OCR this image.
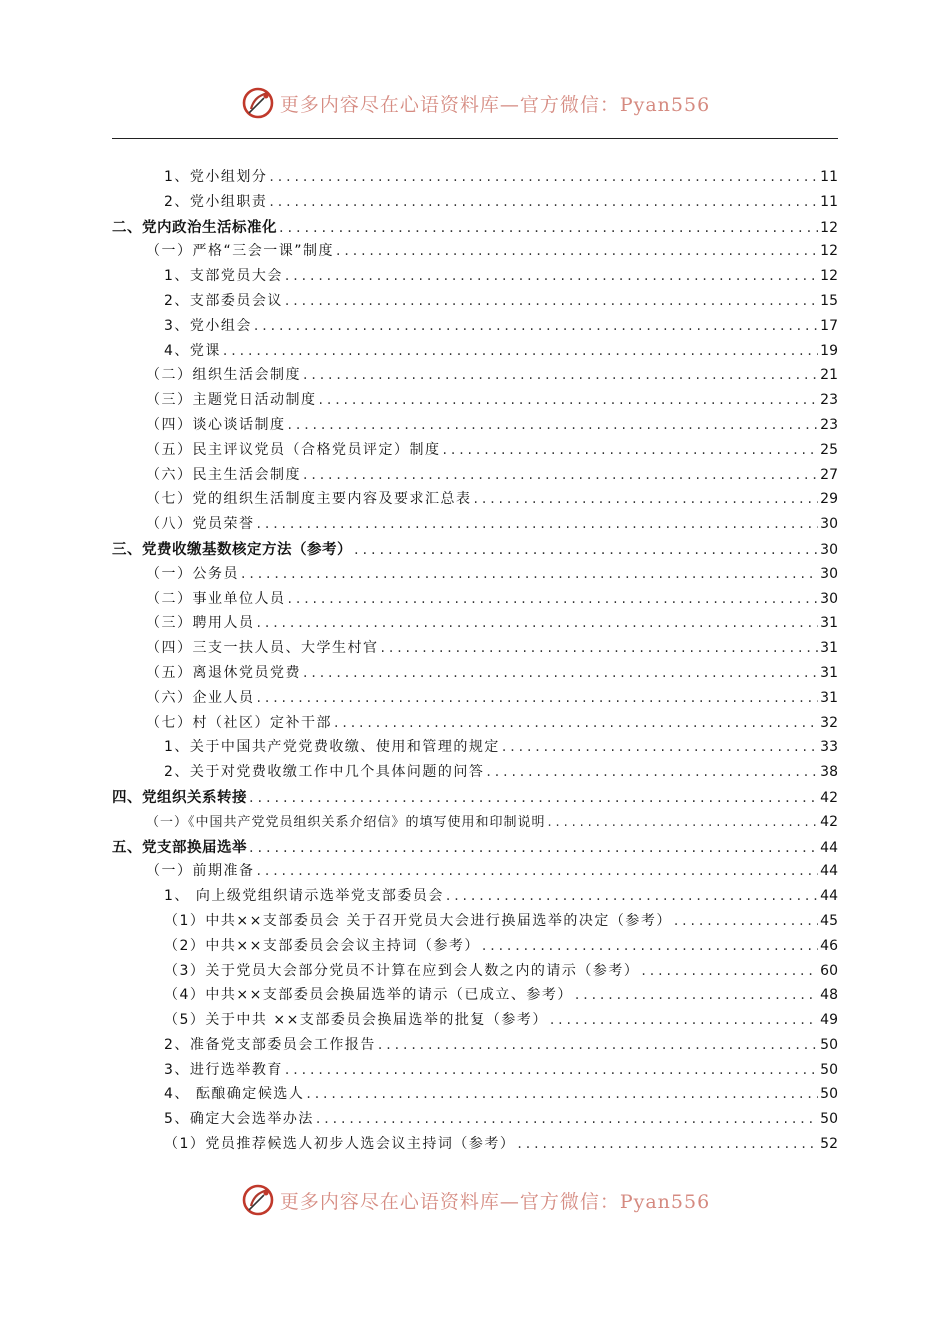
更多内容尽在心语资料库—官方微信：Pyan556
1、党小组划分 .....	11
2、党小组职责 .....	11
二、党内政治生活标准化 .....	12
（一）严格“三会一课”制度 .....	12
1、支部党员大会 .....	12
2、支部委员会议 .....	15
3、党小组会 .....	17
4、党课 .....	19
（二）组织生活会制度 .....	21
（三）主题党日活动制度 .....	23
（四）谈心谈话制度 .....	23
（五）民主评议党员（合格党员评定）制度 .....	25
（六）民主生活会制度 .....	27
（七）党的组织生活制度主要内容及要求汇总表 .....	29
（八）党员荣誉 .....	30
三、党费收缴基数核定方法（参考） .....	30
（一）公务员 .....	30
（二）事业单位人员 .....	30
（三）聘用人员 .....	31
（四）三支一扶人员、大学生村官 .....	31
（五）离退休党员党费 .....	31
（六）企业人员 .....	31
（七）村（社区）定补干部 .....	32
1、关于中国共产党党费收缴、使用和管理的规定 .....	33
2、关于对党费收缴工作中几个具体问题的问答 .....	38
四、党组织关系转接 .....	42
（一）《中国共产党党员组织关系介绍信》的填写使用和印制说明 .....	42
五、党支部换届选举 .....	44
（一）前期准备 .....	44
1、 向上级党组织请示选举党支部委员会 .....	44
（1）中共××支部委员会 关于召开党员大会进行换届选举的决定（参考） .....	45
（2）中共××支部委员会会议主持词（参考） .....	46
（3）关于党员大会部分党员不计算在应到会人数之内的请示（参考） .....	60
（4）中共××支部委员会换届选举的请示（已成立、参考） .....	48
（5）关于中共 ××支部委员会换届选举的批复（参考） .....	49
2、准备党支部委员会工作报告 .....	50
3、进行选举教育 .....	50
4、 酝酿确定候选人 .....	50
5、确定大会选举办法 .....	50
（1）党员推荐候选人初步人选会议主持词（参考） .....	52
更多内容尽在心语资料库—官方微信：Pyan556
